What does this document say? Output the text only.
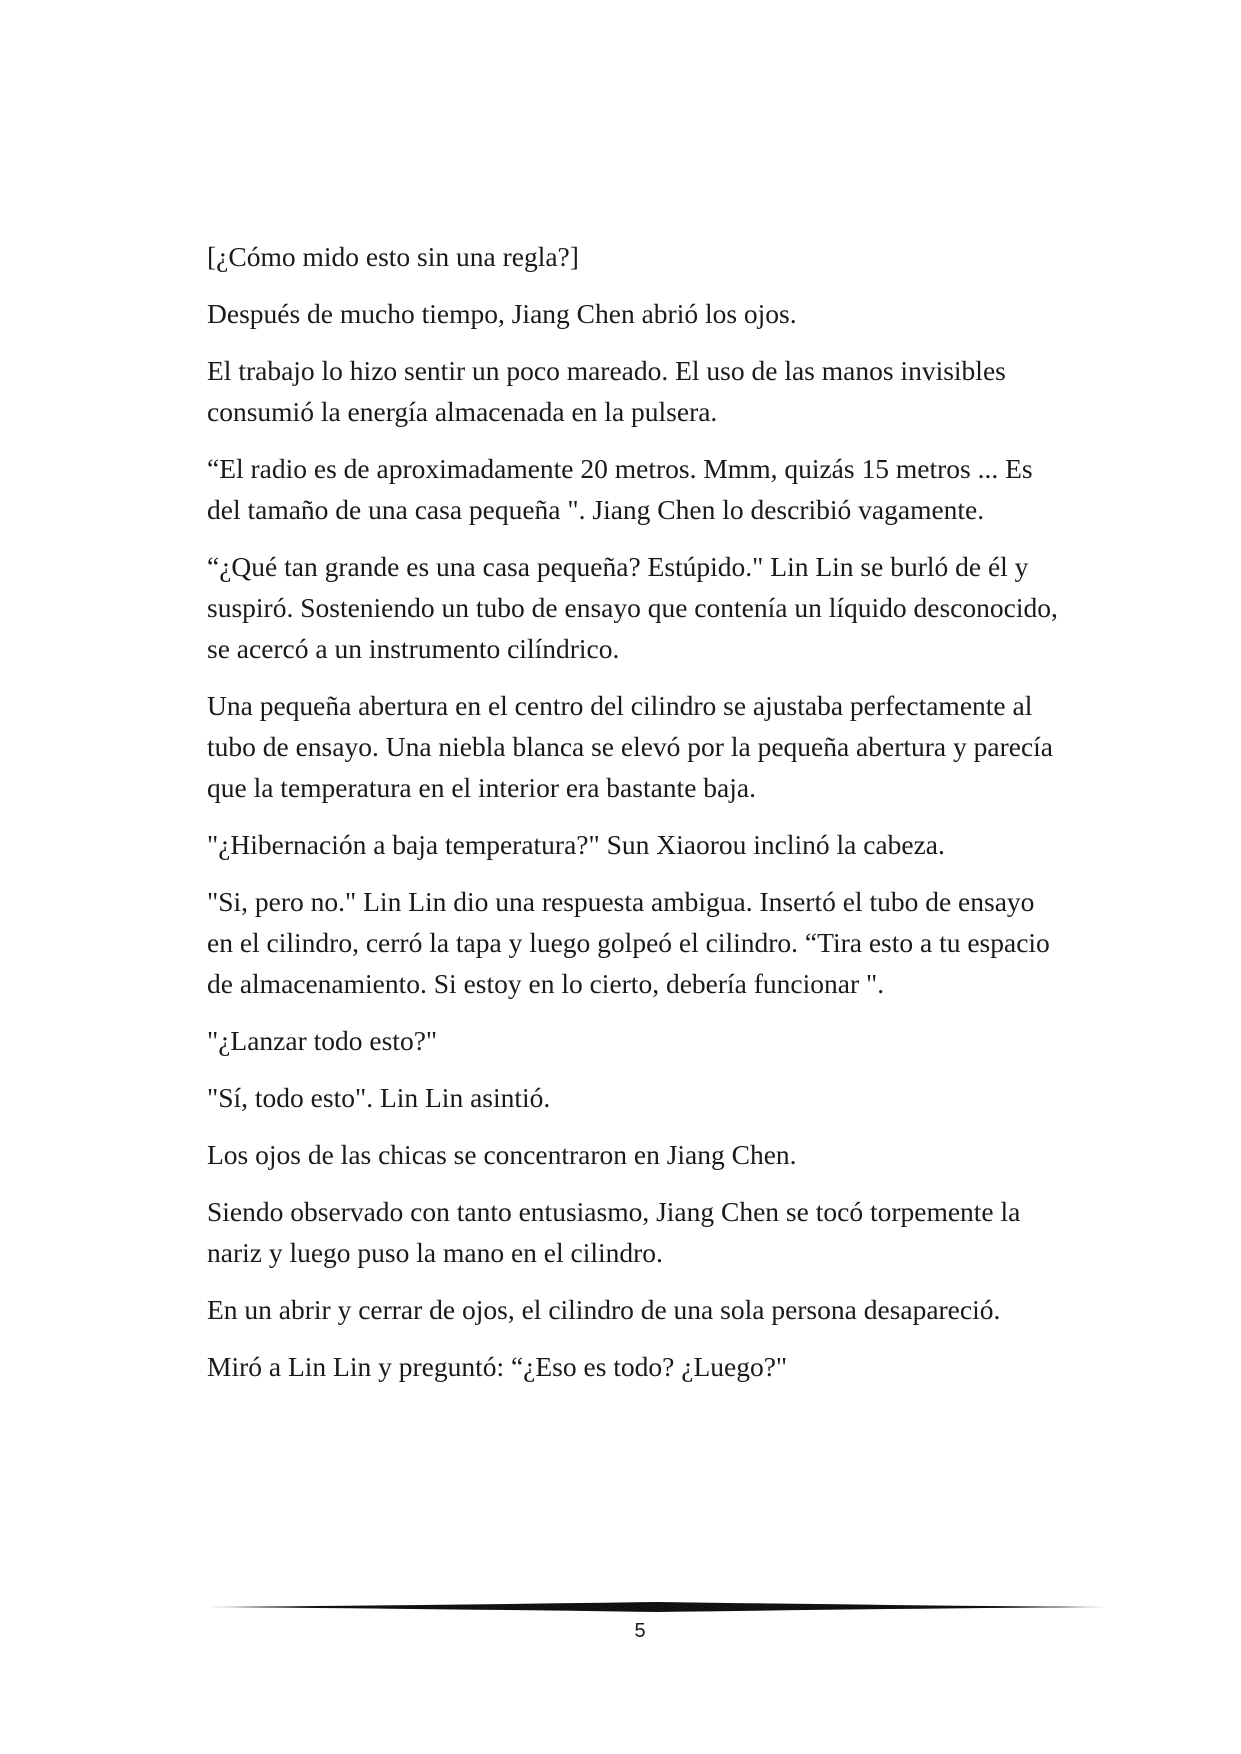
[¿Cómo mido esto sin una regla?]

Después de mucho tiempo, Jiang Chen abrió los ojos.

El trabajo lo hizo sentir un poco mareado. El uso de las manos invisibles consumió la energía almacenada en la pulsera.

“El radio es de aproximadamente 20 metros. Mmm, quizás 15 metros ... Es del tamaño de una casa pequeña ". Jiang Chen lo describió vagamente.

“¿Qué tan grande es una casa pequeña? Estúpido." Lin Lin se burló de él y suspiró. Sosteniendo un tubo de ensayo que contenía un líquido desconocido, se acercó a un instrumento cilíndrico.

Una pequeña abertura en el centro del cilindro se ajustaba perfectamente al tubo de ensayo. Una niebla blanca se elevó por la pequeña abertura y parecía que la temperatura en el interior era bastante baja.

"¿Hibernación a baja temperatura?" Sun Xiaorou inclinó la cabeza.

"Si, pero no." Lin Lin dio una respuesta ambigua. Insertó el tubo de ensayo en el cilindro, cerró la tapa y luego golpeó el cilindro. “Tira esto a tu espacio de almacenamiento. Si estoy en lo cierto, debería funcionar ".

"¿Lanzar todo esto?"

"Sí, todo esto". Lin Lin asintió.

Los ojos de las chicas se concentraron en Jiang Chen.

Siendo observado con tanto entusiasmo, Jiang Chen se tocó torpemente la nariz y luego puso la mano en el cilindro.

En un abrir y cerrar de ojos, el cilindro de una sola persona desapareció.

Miró a Lin Lin y preguntó: “¿Eso es todo? ¿Luego?"

5
